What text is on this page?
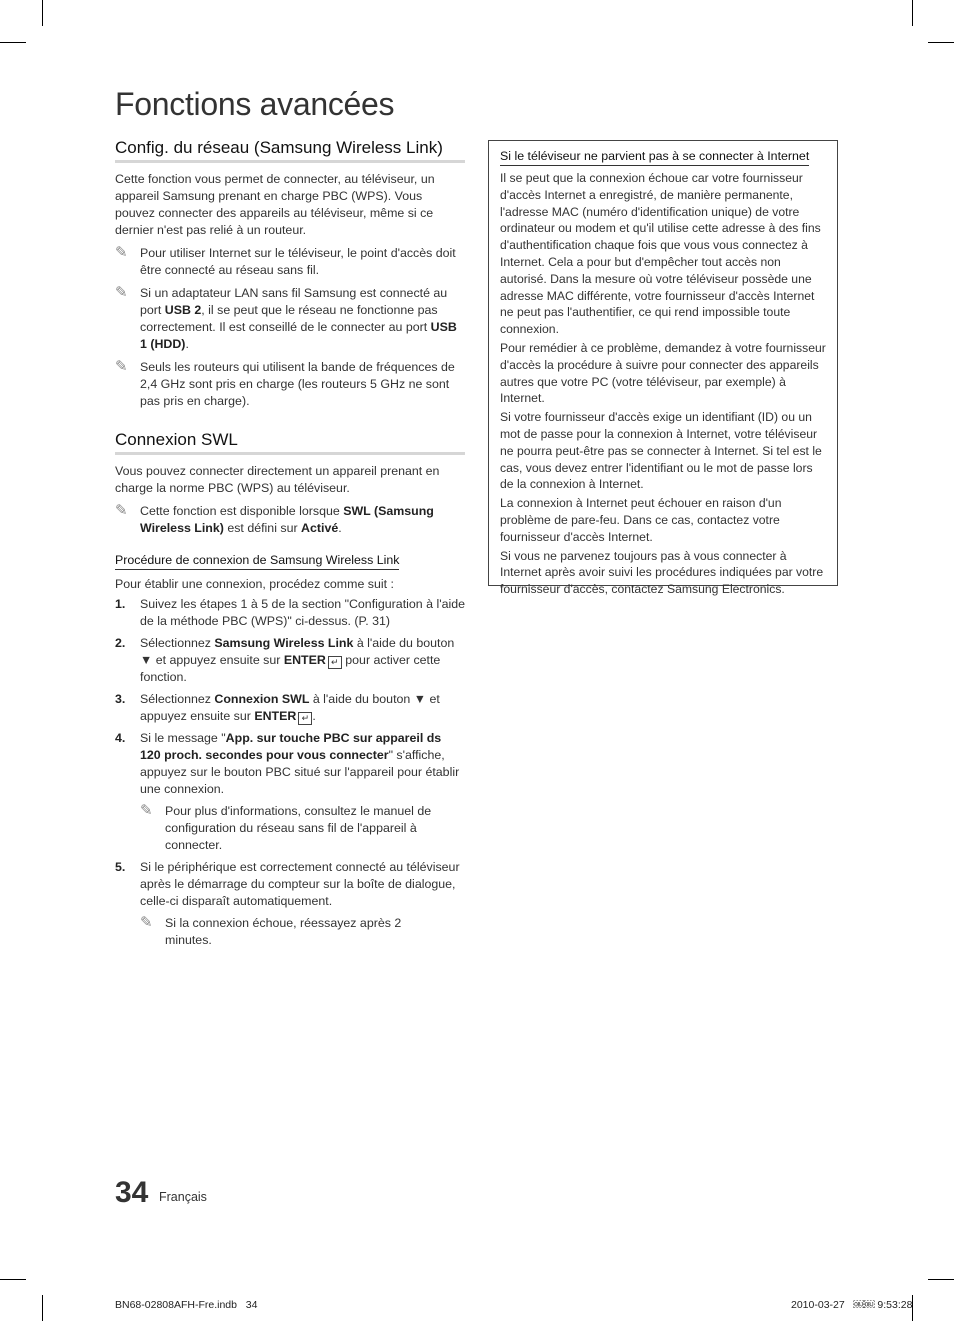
Fonctions avancées
Config. du réseau (Samsung Wireless Link)

Cette fonction vous permet de connecter, au téléviseur, un appareil Samsung prenant en charge PBC (WPS). Vous pouvez connecter des appareils au téléviseur, même si ce dernier n'est pas relié à un routeur.

✎ Pour utiliser Internet sur le téléviseur, le point d'accès doit être connecté au réseau sans fil.
✎ Si un adaptateur LAN sans fil Samsung est connecté au port USB 2, il se peut que le réseau ne fonctionne pas correctement. Il est conseillé de le connecter au port USB 1 (HDD).
✎ Seuls les routeurs qui utilisent la bande de fréquences de 2,4 GHz sont pris en charge (les routeurs 5 GHz ne sont pas pris en charge).
Connexion SWL

Vous pouvez connecter directement un appareil prenant en charge la norme PBC (WPS) au téléviseur.

✎ Cette fonction est disponible lorsque SWL (Samsung Wireless Link) est défini sur Activé.
Procédure de connexion de Samsung Wireless Link

Pour établir une connexion, procédez comme suit :

1. Suivez les étapes 1 à 5 de la section "Configuration à l'aide de la méthode PBC (WPS)" ci-dessus. (P. 31)
2. Sélectionnez Samsung Wireless Link à l'aide du bouton ▼ et appuyez ensuite sur ENTER ↵ pour activer cette fonction.
3. Sélectionnez Connexion SWL à l'aide du bouton ▼ et appuyez ensuite sur ENTER ↵ .
4. Si le message "App. sur touche PBC sur appareil ds 120 proch. secondes pour vous connecter" s'affiche, appuyez sur le bouton PBC situé sur l'appareil pour établir une connexion.
✎ Pour plus d'informations, consultez le manuel de configuration du réseau sans fil de l'appareil à connecter.
5. Si le périphérique est correctement connecté au téléviseur après le démarrage du compteur sur la boîte de dialogue, celle-ci disparaît automatiquement.
✎ Si la connexion échoue, réessayez après 2 minutes.
Si le téléviseur ne parvient pas à se connecter à Internet

Il se peut que la connexion échoue car votre fournisseur d'accès Internet a enregistré, de manière permanente, l'adresse MAC (numéro d'identification unique) de votre ordinateur ou modem et qu'il utilise cette adresse à des fins d'authentification chaque fois que vous vous connectez à Internet. Cela a pour but d'empêcher tout accès non autorisé. Dans la mesure où votre téléviseur possède une adresse MAC différente, votre fournisseur d'accès Internet ne peut pas l'authentifier, ce qui rend impossible toute connexion.

Pour remédier à ce problème, demandez à votre fournisseur d'accès la procédure à suivre pour connecter des appareils autres que votre PC (votre téléviseur, par exemple) à Internet.

Si votre fournisseur d'accès exige un identifiant (ID) ou un mot de passe pour la connexion à Internet, votre téléviseur ne pourra peut-être pas se connecter à Internet. Si tel est le cas, vous devez entrer l'identifiant ou le mot de passe lors de la connexion à Internet.

La connexion à Internet peut échouer en raison d'un problème de pare-feu. Dans ce cas, contactez votre fournisseur d'accès Internet.

Si vous ne parvenez toujours pas à vous connecter à Internet après avoir suivi les procédures indiquées par votre fournisseur d'accès, contactez Samsung Electronics.

34 Français
BN68-02808AFH-Fre.indb   34	2010-03-27   ￼￼ 9:53:28
